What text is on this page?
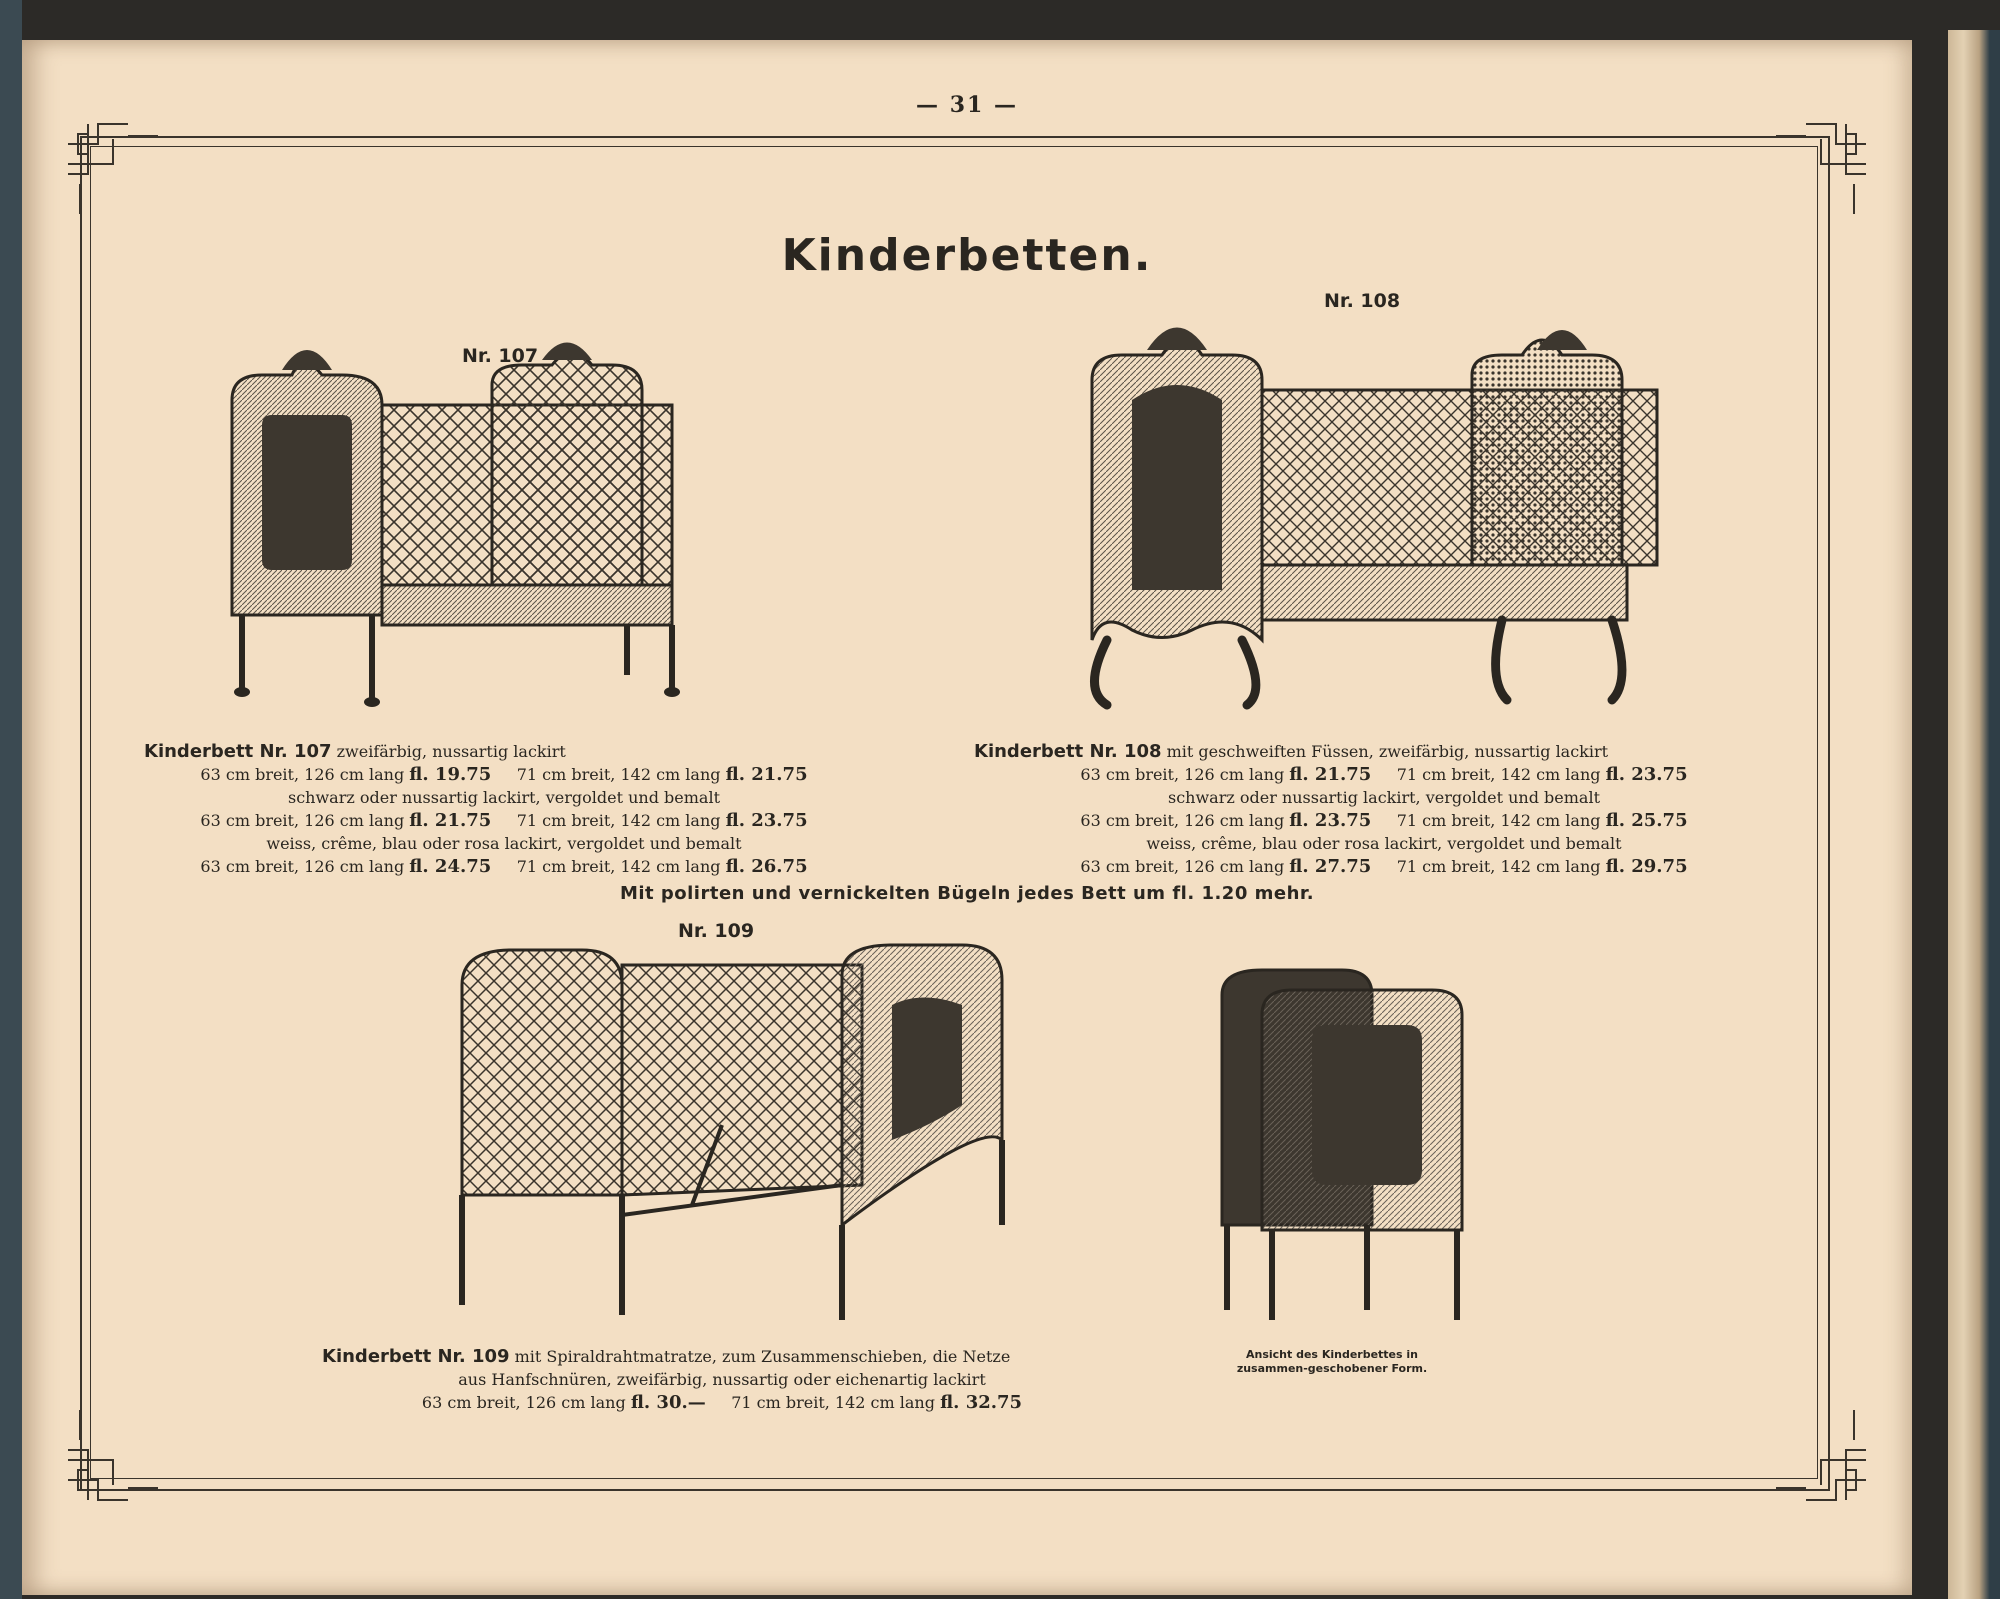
— 31 —
Kinderbetten.
Nr. 107
Nr. 108
Kinderbett Nr. 107 zweifärbig, nussartig lackirt
63 cm breit, 126 cm lang fl. 19.75 71 cm breit, 142 cm lang fl. 21.75
schwarz oder nussartig lackirt, vergoldet und bemalt
63 cm breit, 126 cm lang fl. 21.75 71 cm breit, 142 cm lang fl. 23.75
weiss, crême, blau oder rosa lackirt, vergoldet und bemalt
63 cm breit, 126 cm lang fl. 24.75 71 cm breit, 142 cm lang fl. 26.75
Kinderbett Nr. 108 mit geschweiften Füssen, zweifärbig, nussartig lackirt
63 cm breit, 126 cm lang fl. 21.75 71 cm breit, 142 cm lang fl. 23.75
schwarz oder nussartig lackirt, vergoldet und bemalt
63 cm breit, 126 cm lang fl. 23.75 71 cm breit, 142 cm lang fl. 25.75
weiss, crême, blau oder rosa lackirt, vergoldet und bemalt
63 cm breit, 126 cm lang fl. 27.75 71 cm breit, 142 cm lang fl. 29.75
Mit polirten und vernickelten Bügeln jedes Bett um fl. 1.20 mehr.
Nr. 109
Ansicht des Kinderbettes in zusammen-geschobener Form.
Kinderbett Nr. 109 mit Spiraldrahtmatratze, zum Zusammenschieben, die Netze
aus Hanfschnüren, zweifärbig, nussartig oder eichenartig lackirt
63 cm breit, 126 cm lang fl. 30.— 71 cm breit, 142 cm lang fl. 32.75
